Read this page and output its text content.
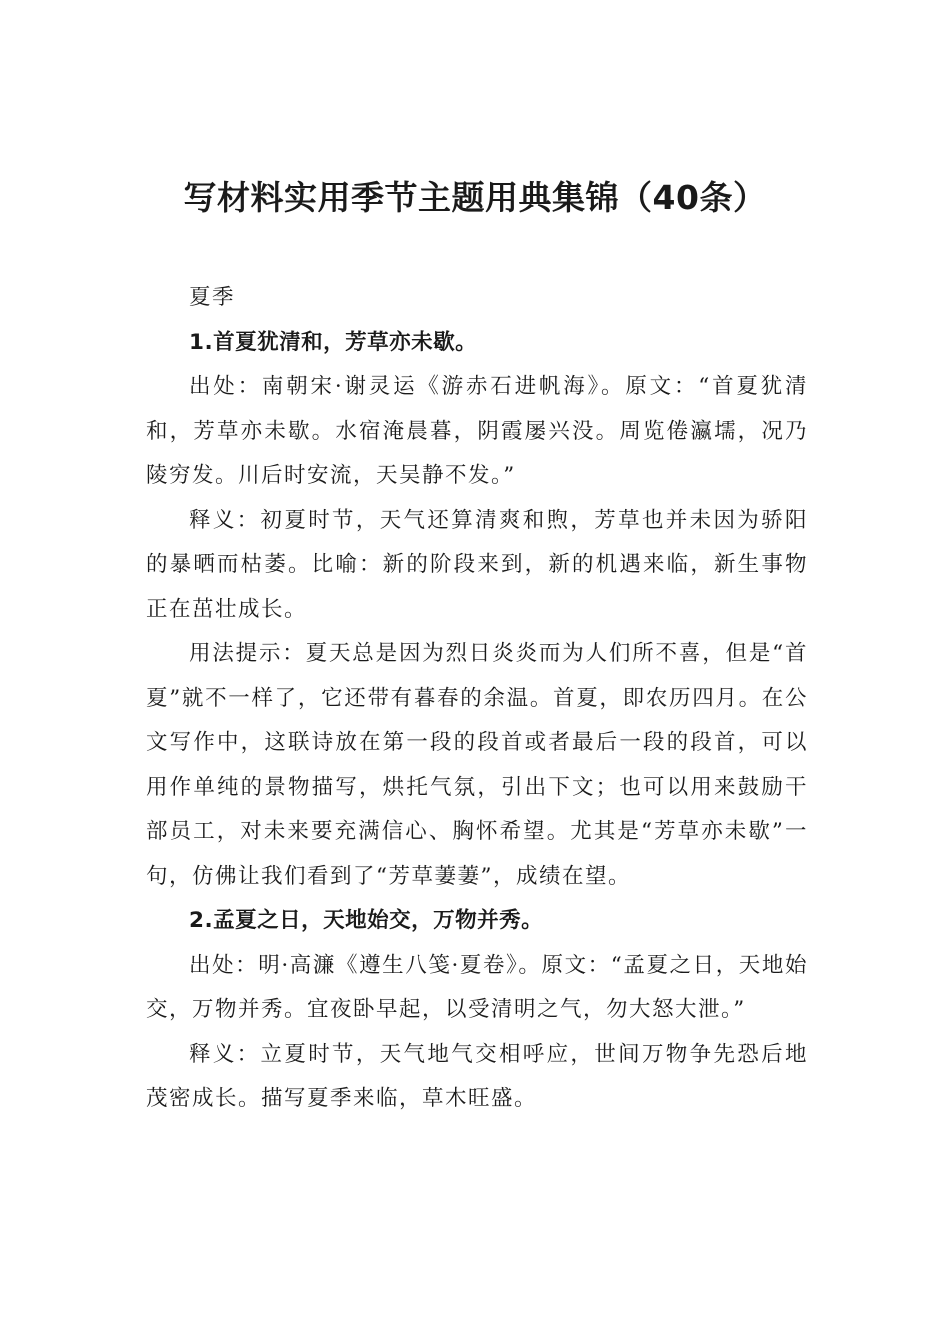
写材料实用季节主题用典集锦（40条）

夏季

1.首夏犹清和，芳草亦未歇。

出处：南朝宋·谢灵运《游赤石进帆海》。原文：“首夏犹清和，芳草亦未歇。水宿淹晨暮，阴霞屡兴没。周览倦瀛壖，况乃陵穷发。川后时安流，天吴静不发。”

释义：初夏时节，天气还算清爽和煦，芳草也并未因为骄阳的暴晒而枯萎。比喻：新的阶段来到，新的机遇来临，新生事物正在茁壮成长。

用法提示：夏天总是因为烈日炎炎而为人们所不喜，但是“首夏”就不一样了，它还带有暮春的余温。首夏，即农历四月。在公文写作中，这联诗放在第一段的段首或者最后一段的段首，可以用作单纯的景物描写，烘托气氛，引出下文；也可以用来鼓励干部员工，对未来要充满信心、胸怀希望。尤其是“芳草亦未歇”一句，仿佛让我们看到了“芳草萋萋”，成绩在望。

2.孟夏之日，天地始交，万物并秀。

出处：明·高濂《遵生八笺·夏卷》。原文：“孟夏之日，天地始交，万物并秀。宜夜卧早起，以受清明之气，勿大怒大泄。”

释义：立夏时节，天气地气交相呼应，世间万物争先恐后地茂密成长。描写夏季来临，草木旺盛。
